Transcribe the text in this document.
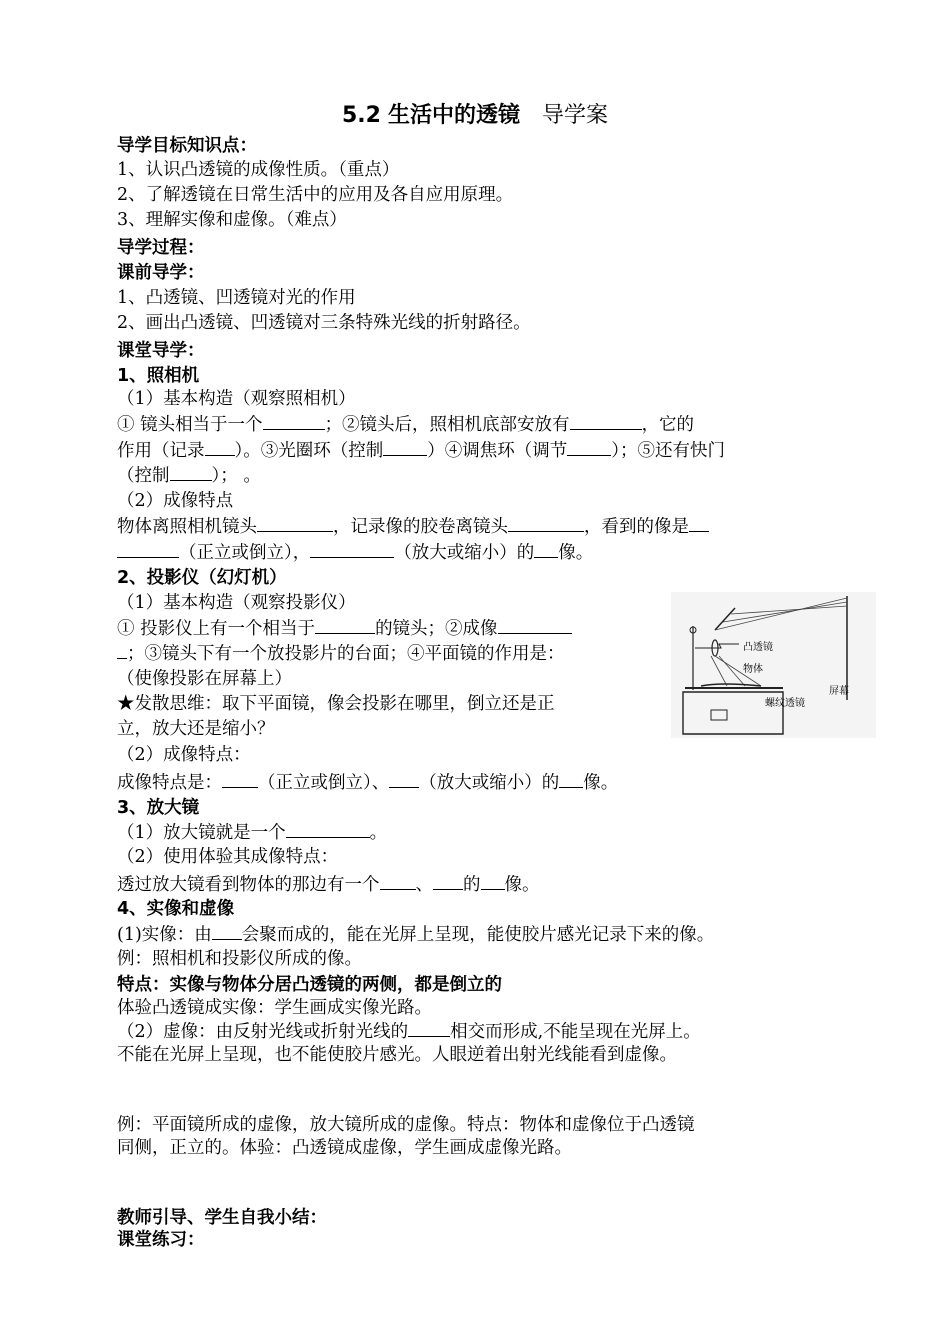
5.2 生活中的透镜 导学案
导学目标知识点：
1、认识凸透镜的成像性质。（重点）
2、了解透镜在日常生活中的应用及各自应用原理。
3、理解实像和虚像。（难点）
导学过程：
课前导学：
1、凸透镜、凹透镜对光的作用
2、画出凸透镜、凹透镜对三条特殊光线的折射路径。
课堂导学：
1、照相机
（1）基本构造（观察照相机）
① 镜头相当于一个	；②镜头后，照相机底部安放有	，它的
作用（记录 ）。③光圈环（控制	）④调焦环（调节	）；⑤还有快门
（控制 ）； 。
（2）成像特点
物体离照相机镜头	，记录像的胶卷离镜头	，看到的像是
（正立或倒立），	（放大或缩小）的 像。
2、投影仪（幻灯机）
（1）基本构造（观察投影仪）
① 投影仪上有一个相当于	的镜头；②成像
；③镜头下有一个放投影片的台面；④平面镜的作用是：
（使像投影在屏幕上）
★发散思维：取下平面镜，像会投影在哪里，倒立还是正
立，放大还是缩小？
（2）成像特点：
成像特点是： （正立或倒立）、 （放大或缩小）的 像。
凸透镜
物体
螺纹透镜
屏幕
3、放大镜
（1）放大镜就是一个	。
（2）使用体验其成像特点：
透过放大镜看到物体的那边有一个 、 的 像。
4、实像和虚像
(1)实像：由 会聚而成的，能在光屏上呈现，能使胶片感光记录下来的像。
例：照相机和投影仪所成的像。
特点：实像与物体分居凸透镜的两侧，都是倒立的
体验凸透镜成实像：学生画成实像光路。
（2）虚像：由反射光线或折射光线的 相交而形成,不能呈现在光屏上。
不能在光屏上呈现，也不能使胶片感光。人眼逆着出射光线能看到虚像。
例：平面镜所成的虚像，放大镜所成的虚像。特点：物体和虚像位于凸透镜
同侧，正立的。体验：凸透镜成虚像，学生画成虚像光路。
教师引导、学生自我小结：
课堂练习：
